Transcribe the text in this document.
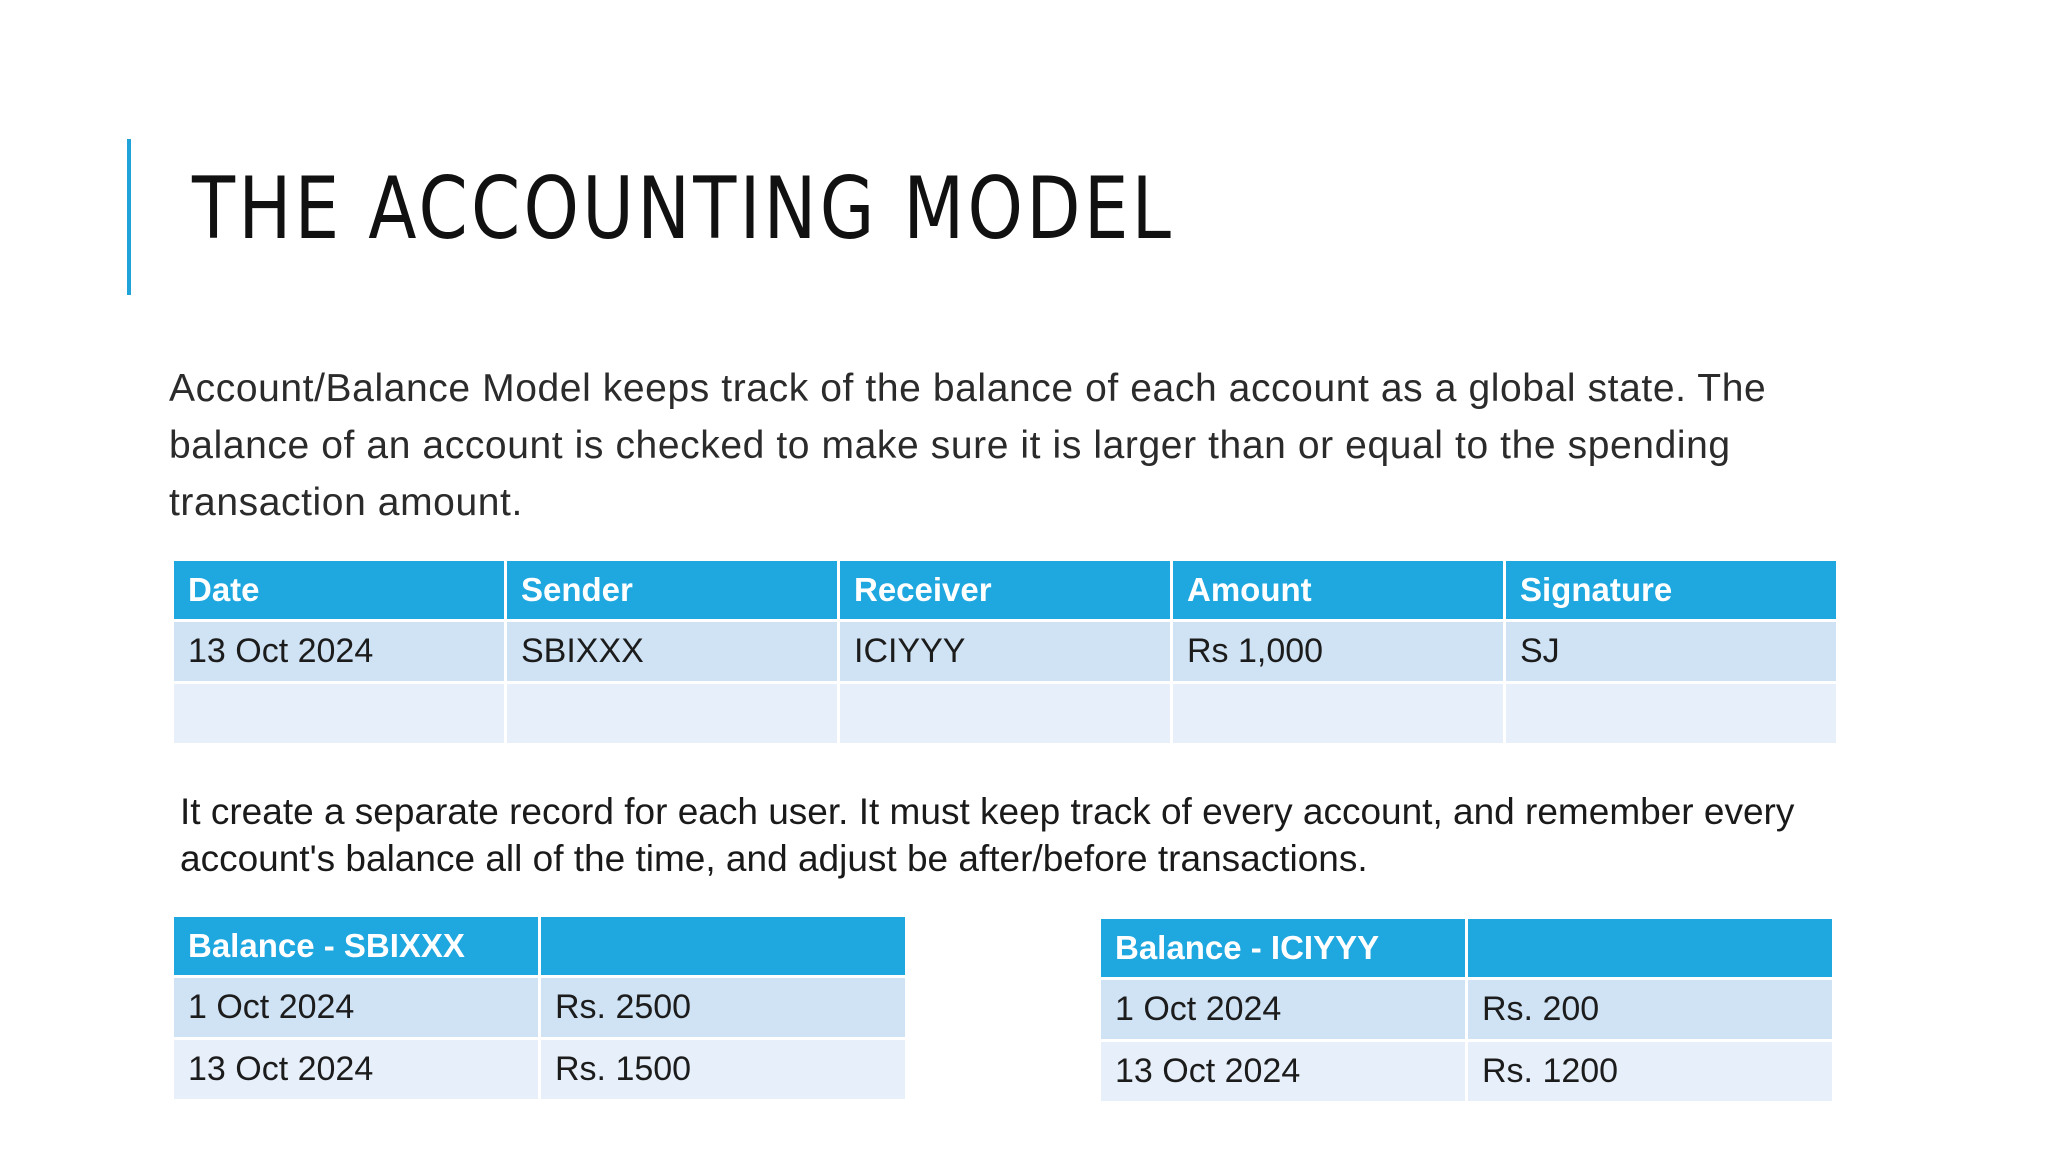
THE ACCOUNTING MODEL

Account/Balance Model keeps track of the balance of each account as a global state. The balance of an account is checked to make sure it is larger than or equal to the spending transaction amount.

Date	Sender	Receiver	Amount	Signature
13 Oct 2024	SBIXXX	ICIYYY	Rs 1,000	SJ

It create a separate record for each user. It must keep track of every account, and remember every account's balance all of the time, and adjust be after/before transactions.

Balance - SBIXXX	
1 Oct 2024	Rs. 2500
13 Oct 2024	Rs. 1500
Balance - ICIYYY	
1 Oct 2024	Rs. 200
13 Oct 2024	Rs. 1200
